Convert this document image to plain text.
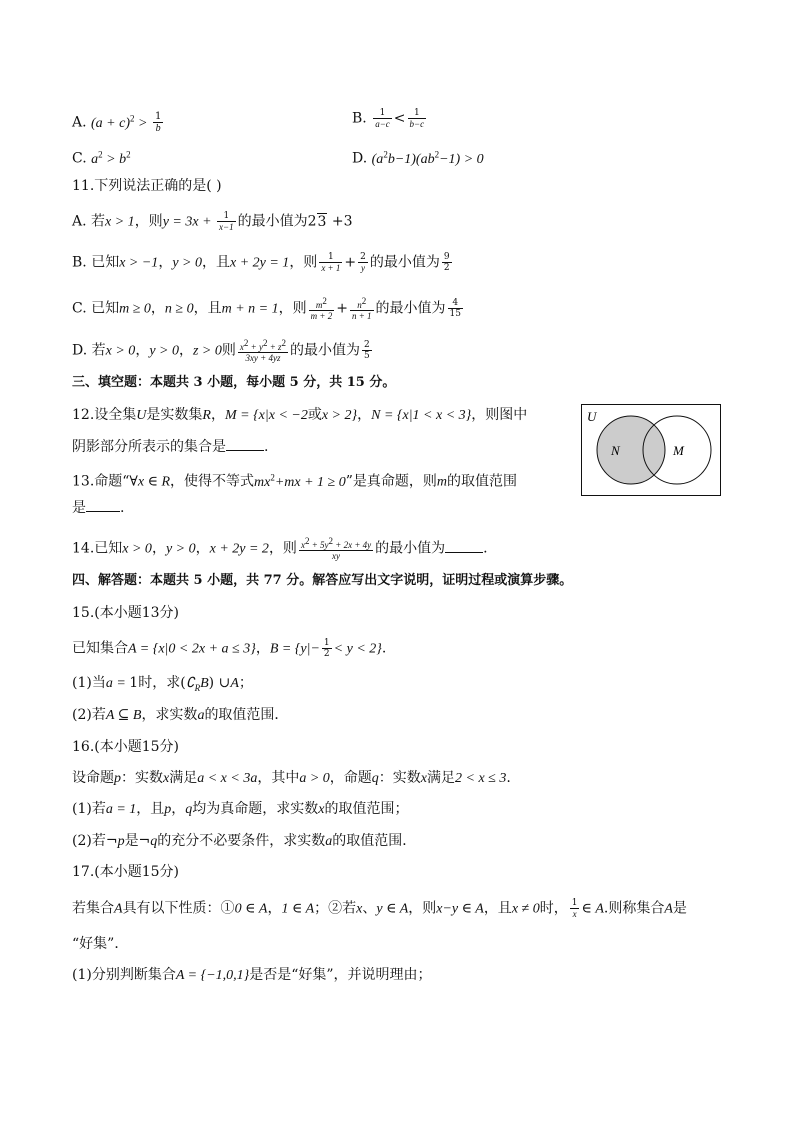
A. $(a + c)^2 > \frac{1}{b}$	B. $\frac{1}{a-c} < \frac{1}{b-c}$
C. $a^2 > b^2$	D. $(a^2b-1)(ab^2-1) > 0$
11.下列说法正确的是( )
A. 若x > 1，则$y = 3x + \frac{1}{x-1}$ 的最小值为23 +3
B. 已知x > −1，y > 0，且x + 2y = 1，则 $\frac{1}{x + 1} + \frac{2}{y}$ 的最小值为 $\frac{9}{2}$
C. 已知m ≥ 0，n ≥ 0，且m + n = 1，则 $\frac{m^2}{m + 2} + \frac{n^2}{n + 1}$ 的最小值为 $\frac{4}{15}$
D. 若x > 0，y > 0，z > 0则 $\frac{x^2 + y^2 + z^2}{3xy + 4yz}$ 的最小值为 $\frac{2}{5}$
三、填空题：本题共 3 小题，每小题 5 分，共 15 分。
12.设全集U是实数集R，M = {x|x < −2或x > 2}，N = {x|1 < x < 3}，则图中
阴影部分所表示的集合是	.
13.命题“∀x ∈ R，使得不等式$mx^2+mx + 1 \ge 0$”是真命题，则m的取值范围
是 .
U
N	M
14.已知x > 0，y > 0，x + 2y = 2，则 $\frac{x^2 + 5y^2 + 2x + 4y}{xy}$ 的最小值为	.
四、解答题：本题共 5 小题，共 77 分。解答应写出文字说明，证明过程或演算步骤。
15.(本小题13分)
已知集合A = {x|0 < 2x + a ≤ 3}，$B = \{y|- \frac{1}{2} < y < 2\}$.
(1)当a = 1时，求$(∁_RB)$ ∪A；
(2)若A ⊆ B，求实数a的取值范围．
16.(本小题15分)
设命题p：实数x满足a < x < 3a，其中a > 0，命题q：实数x满足2 < x ≤ 3.
(1)若a = 1，且p，q均为真命题，求实数x的取值范围；
(2)若¬p是¬q的充分不必要条件，求实数a的取值范围．
17.(本小题15分)
若集合A具有以下性质：①0 ∈ A，1 ∈ A；②若x、y ∈ A，则x−y ∈ A，且x ≠ 0时， $\frac{1}{x}$ ∈ A.则称集合A是
“好集”．
(1)分别判断集合A = {−1,0,1}是否是“好集”，并说明理由；
